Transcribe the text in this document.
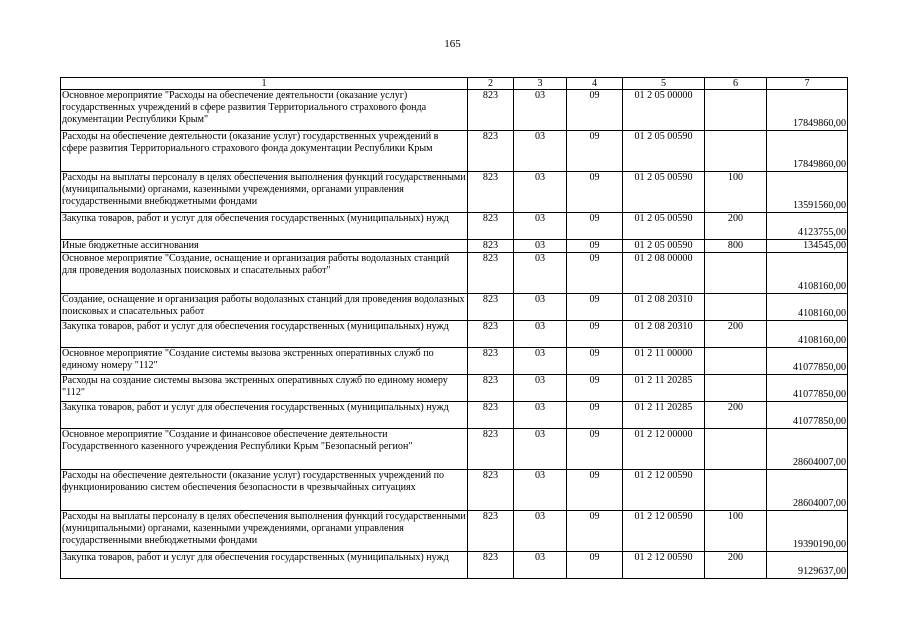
165
1	2	3	4	5	6	7
Основное мероприятие "Расходы на обеспечение деятельности (оказание услуг) государственных учреждений в сфере развития Территориального страхового фонда документации Республики Крым"	823	03	09	01 2 05 00000		17849860,00
Расходы на обеспечение деятельности (оказание услуг) государственных учреждений в сфере развития Территориального страхового фонда документации Республики Крым	823	03	09	01 2 05 00590		17849860,00
Расходы на выплаты персоналу в целях обеспечения выполнения функций государственными (муниципальными) органами, казенными учреждениями, органами управления государственными внебюджетными фондами	823	03	09	01 2 05 00590	100	13591560,00
Закупка товаров, работ и услуг для обеспечения государственных (муниципальных) нужд	823	03	09	01 2 05 00590	200	4123755,00
Иные бюджетные ассигнования	823	03	09	01 2 05 00590	800	134545,00
Основное мероприятие "Создание, оснащение и организация работы водолазных станций для проведения водолазных поисковых и спасательных работ"	823	03	09	01 2 08 00000		4108160,00
Создание, оснащение и организация работы водолазных станций для проведения водолазных поисковых и спасательных работ	823	03	09	01 2 08 20310		4108160,00
Закупка товаров, работ и услуг для обеспечения государственных (муниципальных) нужд	823	03	09	01 2 08 20310	200	4108160,00
Основное мероприятие "Создание системы вызова экстренных оперативных служб по единому номеру "112"	823	03	09	01 2 11 00000		41077850,00
Расходы на создание системы вызова экстренных оперативных служб по единому номеру "112"	823	03	09	01 2 11 20285		41077850,00
Закупка товаров, работ и услуг для обеспечения государственных (муниципальных) нужд	823	03	09	01 2 11 20285	200	41077850,00
Основное мероприятие "Создание и финансовое обеспечение деятельности Государственного казенного учреждения Республики Крым "Безопасный регион"	823	03	09	01 2 12 00000		28604007,00
Расходы на обеспечение деятельности (оказание услуг) государственных учреждений по функционированию систем обеспечения безопасности в чрезвычайных ситуациях	823	03	09	01 2 12 00590		28604007,00
Расходы на выплаты персоналу в целях обеспечения выполнения функций государственными (муниципальными) органами, казенными учреждениями, органами управления государственными внебюджетными фондами	823	03	09	01 2 12 00590	100	19390190,00
Закупка товаров, работ и услуг для обеспечения государственных (муниципальных) нужд	823	03	09	01 2 12 00590	200	9129637,00
